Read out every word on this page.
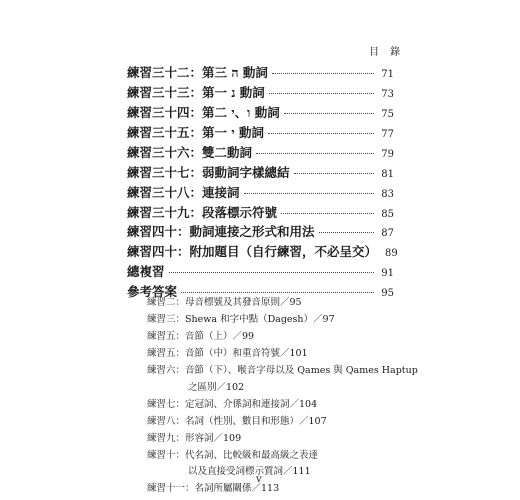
目 錄
練習三十二：第三 ה 動詞	71
練習三十三：第一 נ 動詞	73
練習三十四：第二 ו、י 動詞	75
練習三十五：第一 י 動詞	77
練習三十六：雙二動詞	79
練習三十七：弱動詞字樣總結	81
練習三十八：連接詞	83
練習三十九：段落標示符號	85
練習四十：動詞連接之形式和用法	87
練習四十：附加題目（自行練習，不必呈交） 89
總複習	91
參考答案	95
練習二：母音標號及其發音原則／95
練習三：Shewa 和字中點（Dagesh）／97
練習五：音節（上）／99
練習五：音節（中）和重音符號／101
練習六：音節（下）、喉音字母以及 Qames 與 Qames Haptup
之區別／102
練習七：定冠詞、介係詞和連接詞／104
練習八：名詞（性別、數目和形態）／107
練習九：形容詞／109
練習十：代名詞、比較級和最高級之表達
以及直接受詞標示質詞／111
練習十一：名詞所屬關係／113
v
